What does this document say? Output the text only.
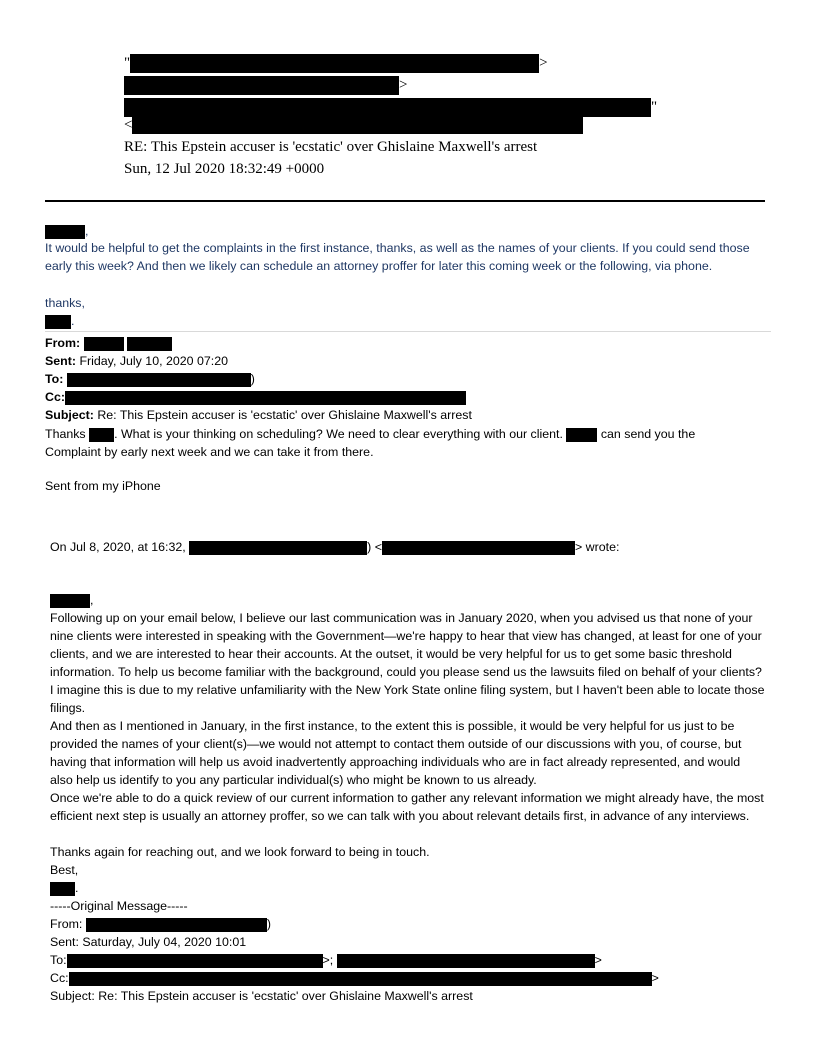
"	>
>
"
<
RE: This Epstein accuser is 'ecstatic' over Ghislaine Maxwell's arrest
Sun, 12 Jul 2020 18:32:49 +0000
,
It would be helpful to get the complaints in the first instance, thanks, as well as the names of your clients. If you could send those early this week? And then we likely can schedule an attorney proffer for later this coming week or the following, via phone.
thanks,
.
From:
Sent: Friday, July 10, 2020 07:20
To:	)
Cc:
Subject: Re: This Epstein accuser is 'ecstatic' over Ghislaine Maxwell's arrest
Thanks . What is your thinking on scheduling? We need to clear everything with our client.	can send you the
Complaint by early next week and we can take it from there.
Sent from my iPhone
On Jul 8, 2020, at 16:32,	) <	> wrote:
,
Following up on your email below, I believe our last communication was in January 2020, when you advised us that none of your nine clients were interested in speaking with the Government—we're happy to hear that view has changed, at least for one of your clients, and we are interested to hear their accounts. At the outset, it would be very helpful for us to get some basic threshold information. To help us become familiar with the background, could you please send us the lawsuits filed on behalf of your clients? I imagine this is due to my relative unfamiliarity with the New York State online filing system, but I haven't been able to locate those filings.
And then as I mentioned in January, in the first instance, to the extent this is possible, it would be very helpful for us just to be provided the names of your client(s)—we would not attempt to contact them outside of our discussions with you, of course, but having that information will help us avoid inadvertently approaching individuals who are in fact already represented, and would also help us identify to you any particular individual(s) who might be known to us already.
Once we're able to do a quick review of our current information to gather any relevant information we might already have, the most efficient next step is usually an attorney proffer, so we can talk with you about relevant details first, in advance of any interviews.
Thanks again for reaching out, and we look forward to being in touch.
Best,
.
-----Original Message-----
From:	)
Sent: Saturday, July 04, 2020 10:01
To:	>;	>
Cc:	>
Subject: Re: This Epstein accuser is 'ecstatic' over Ghislaine Maxwell's arrest
